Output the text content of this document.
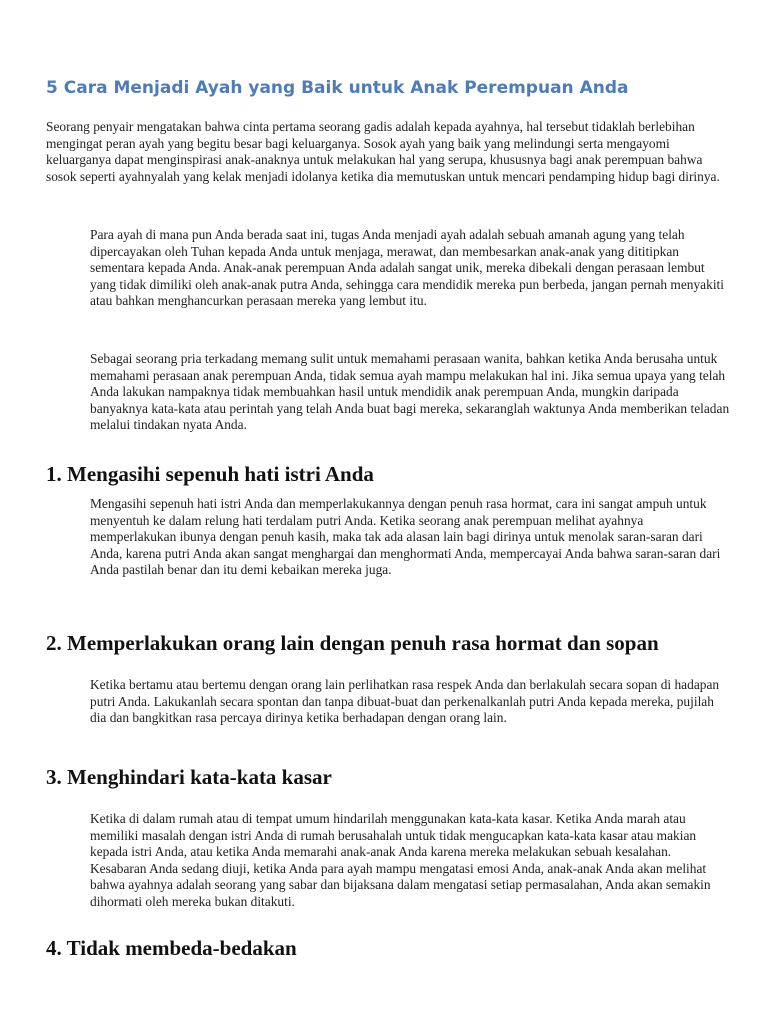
5 Cara Menjadi Ayah yang Baik untuk Anak Perempuan Anda

Seorang penyair mengatakan bahwa cinta pertama seorang gadis adalah kepada ayahnya, hal tersebut tidaklah berlebihan mengingat peran ayah yang begitu besar bagi keluarganya. Sosok ayah yang baik yang melindungi serta mengayomi keluarganya dapat menginspirasi anak-anaknya untuk melakukan hal yang serupa, khususnya bagi anak perempuan bahwa sosok seperti ayahnyalah yang kelak menjadi idolanya ketika dia memutuskan untuk mencari pendamping hidup bagi dirinya.

Para ayah di mana pun Anda berada saat ini, tugas Anda menjadi ayah adalah sebuah amanah agung yang telah dipercayakan oleh Tuhan kepada Anda untuk menjaga, merawat, dan membesarkan anak-anak yang dititipkan sementara kepada Anda. Anak-anak perempuan Anda adalah sangat unik, mereka dibekali dengan perasaan lembut yang tidak dimiliki oleh anak-anak putra Anda, sehingga cara mendidik mereka pun berbeda, jangan pernah menyakiti atau bahkan menghancurkan perasaan mereka yang lembut itu.

Sebagai seorang pria terkadang memang sulit untuk memahami perasaan wanita, bahkan ketika Anda berusaha untuk memahami perasaan anak perempuan Anda, tidak semua ayah mampu melakukan hal ini. Jika semua upaya yang telah Anda lakukan nampaknya tidak membuahkan hasil untuk mendidik anak perempuan Anda, mungkin daripada banyaknya kata-kata atau perintah yang telah Anda buat bagi mereka, sekaranglah waktunya Anda memberikan teladan melalui tindakan nyata Anda.

1. Mengasihi sepenuh hati istri Anda

Mengasihi sepenuh hati istri Anda dan memperlakukannya dengan penuh rasa hormat, cara ini sangat ampuh untuk menyentuh ke dalam relung hati terdalam putri Anda. Ketika seorang anak perempuan melihat ayahnya memperlakukan ibunya dengan penuh kasih, maka tak ada alasan lain bagi dirinya untuk menolak saran-saran dari Anda, karena putri Anda akan sangat menghargai dan menghormati Anda, mempercayai Anda bahwa saran-saran dari Anda pastilah benar dan itu demi kebaikan mereka juga.

2. Memperlakukan orang lain dengan penuh rasa hormat dan sopan

Ketika bertamu atau bertemu dengan orang lain perlihatkan rasa respek Anda dan berlakulah secara sopan di hadapan putri Anda. Lakukanlah secara spontan dan tanpa dibuat-buat dan perkenalkanlah putri Anda kepada mereka, pujilah dia dan bangkitkan rasa percaya dirinya ketika berhadapan dengan orang lain.

3. Menghindari kata-kata kasar

Ketika di dalam rumah atau di tempat umum hindarilah menggunakan kata-kata kasar. Ketika Anda marah atau memiliki masalah dengan istri Anda di rumah berusahalah untuk tidak mengucapkan kata-kata kasar atau makian kepada istri Anda, atau ketika Anda memarahi anak-anak Anda karena mereka melakukan sebuah kesalahan. Kesabaran Anda sedang diuji, ketika Anda para ayah mampu mengatasi emosi Anda, anak-anak Anda akan melihat bahwa ayahnya adalah seorang yang sabar dan bijaksana dalam mengatasi setiap permasalahan, Anda akan semakin dihormati oleh mereka bukan ditakuti.

4. Tidak membeda-bedakan
